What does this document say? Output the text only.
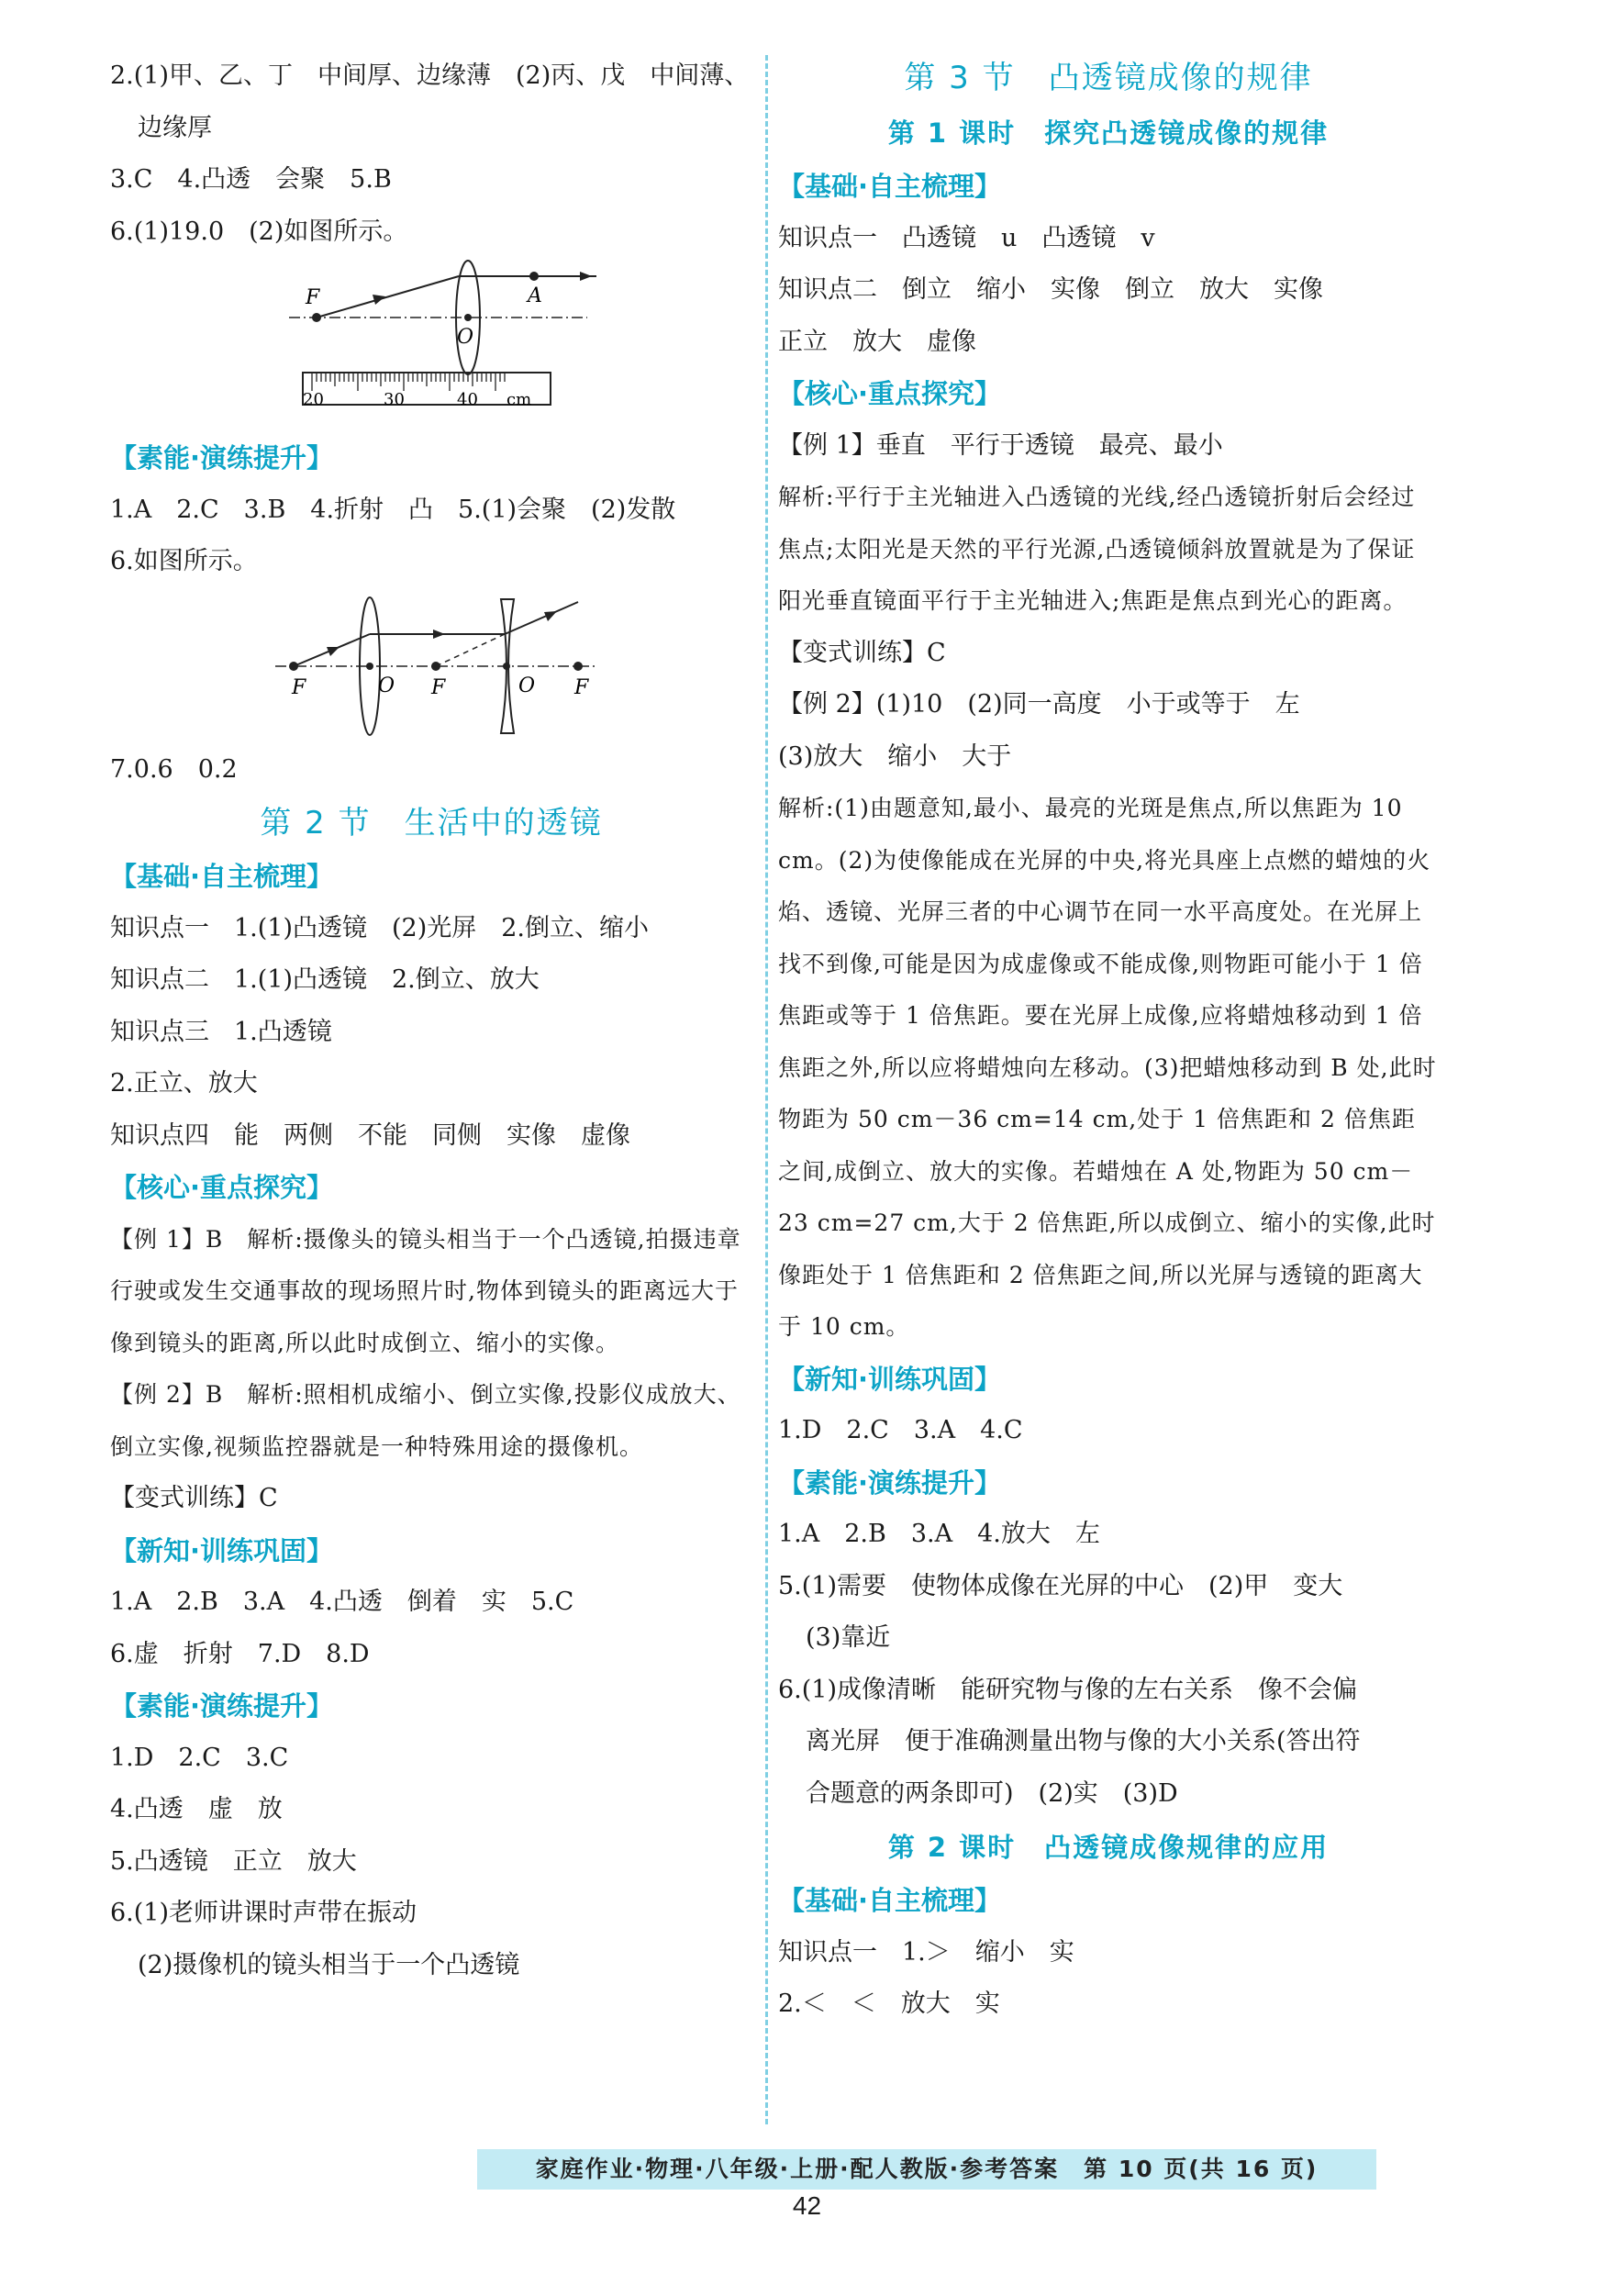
2.(1)甲、乙、丁　中间厚、边缘薄　(2)丙、戊　中间薄、
边缘厚
3.C　4.凸透　会聚　5.B
6.(1)19.0　(2)如图所示。
F
O
A
20	30	40 cm
【素能·演练提升】
1.A　2.C　3.B　4.折射　凸　5.(1)会聚　(2)发散
6.如图所示。
F	O F	O F
7.0.6　0.2
第 2 节　生活中的透镜
【基础·自主梳理】
知识点一　1.(1)凸透镜　(2)光屏　2.倒立、缩小
知识点二　1.(1)凸透镜　2.倒立、放大
知识点三　1.凸透镜
2.正立、放大
知识点四　能　两侧　不能　同侧　实像　虚像
【核心·重点探究】
【例 1】B　解析:摄像头的镜头相当于一个凸透镜,拍摄违章行驶或发生交通事故的现场照片时,物体到镜头的距离远大于像到镜头的距离,所以此时成倒立、缩小的实像。
【例 2】B　解析:照相机成缩小、倒立实像,投影仪成放大、倒立实像,视频监控器就是一种特殊用途的摄像机。
【变式训练】C
【新知·训练巩固】
1.A　2.B　3.A　4.凸透　倒着　实　5.C
6.虚　折射　7.D　8.D
【素能·演练提升】
1.D　2.C　3.C
4.凸透　虚　放
5.凸透镜　正立　放大
6.(1)老师讲课时声带在振动
(2)摄像机的镜头相当于一个凸透镜
第 3 节　凸透镜成像的规律
第 1 课时　探究凸透镜成像的规律
【基础·自主梳理】
知识点一　凸透镜　u　凸透镜　v
知识点二　倒立　缩小　实像　倒立　放大　实像
正立　放大　虚像
【核心·重点探究】
【例 1】垂直　平行于透镜　最亮、最小
解析:平行于主光轴进入凸透镜的光线,经凸透镜折射后会经过焦点;太阳光是天然的平行光源,凸透镜倾斜放置就是为了保证阳光垂直镜面平行于主光轴进入;焦距是焦点到光心的距离。
【变式训练】C
【例 2】(1)10　(2)同一高度　小于或等于　左
(3)放大　缩小　大于
解析:(1)由题意知,最小、最亮的光斑是焦点,所以焦距为 10 cm。(2)为使像能成在光屏的中央,将光具座上点燃的蜡烛的火焰、透镜、光屏三者的中心调节在同一水平高度处。在光屏上找不到像,可能是因为成虚像或不能成像,则物距可能小于 1 倍焦距或等于 1 倍焦距。要在光屏上成像,应将蜡烛移动到 1 倍焦距之外,所以应将蜡烛向左移动。(3)把蜡烛移动到 B 处,此时物距为 50 cm－36 cm=14 cm,处于 1 倍焦距和 2 倍焦距之间,成倒立、放大的实像。若蜡烛在 A 处,物距为 50 cm－23 cm=27 cm,大于 2 倍焦距,所以成倒立、缩小的实像,此时像距处于 1 倍焦距和 2 倍焦距之间,所以光屏与透镜的距离大于 10 cm。
【新知·训练巩固】
1.D　2.C　3.A　4.C
【素能·演练提升】
1.A　2.B　3.A　4.放大　左
5.(1)需要　使物体成像在光屏的中心　(2)甲　变大
(3)靠近
6.(1)成像清晰　能研究物与像的左右关系　像不会偏
离光屏　便于准确测量出物与像的大小关系(答出符
合题意的两条即可)　(2)实　(3)D
第 2 课时　凸透镜成像规律的应用
【基础·自主梳理】
知识点一　1.＞　缩小　实
2.＜　＜　放大　实
家庭作业·物理·八年级·上册·配人教版·参考答案　第 10 页(共 16 页)
42
